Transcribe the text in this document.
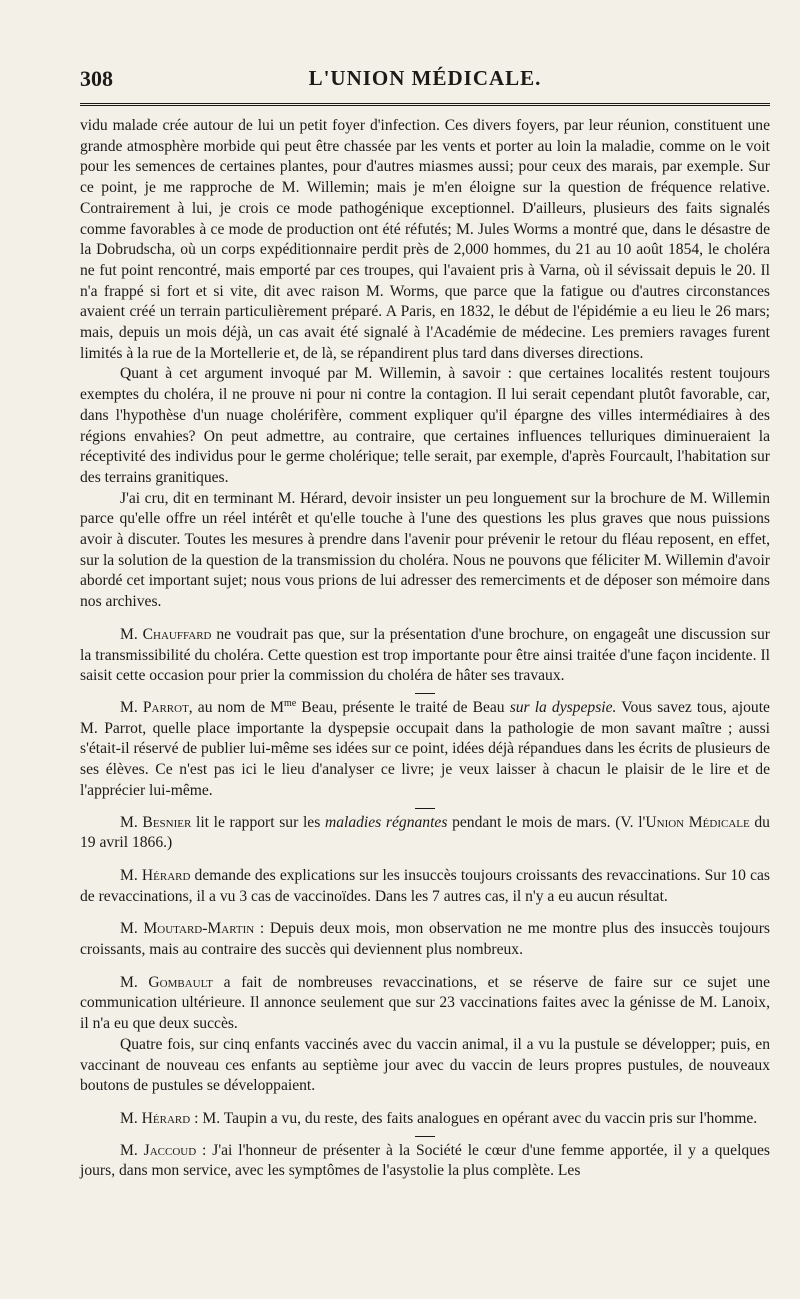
308	L'UNION MÉDICALE.

vidu malade crée autour de lui un petit foyer d'infection. Ces divers foyers, par leur réunion, constituent une grande atmosphère morbide qui peut être chassée par les vents et porter au loin la maladie, comme on le voit pour les semences de certaines plantes, pour d'autres miasmes aussi; pour ceux des marais, par exemple. Sur ce point, je me rapproche de M. Willemin; mais je m'en éloigne sur la question de fréquence relative. Contrairement à lui, je crois ce mode pathogénique exceptionnel. D'ailleurs, plusieurs des faits signalés comme favorables à ce mode de production ont été réfutés; M. Jules Worms a montré que, dans le désastre de la Dobrudscha, où un corps expéditionnaire perdit près de 2,000 hommes, du 21 au 10 août 1854, le choléra ne fut point rencontré, mais emporté par ces troupes, qui l'avaient pris à Varna, où il sévissait depuis le 20. Il n'a frappé si fort et si vite, dit avec raison M. Worms, que parce que la fatigue ou d'autres circonstances avaient créé un terrain particulièrement préparé. A Paris, en 1832, le début de l'épidémie a eu lieu le 26 mars; mais, depuis un mois déjà, un cas avait été signalé à l'Académie de médecine. Les premiers ravages furent limités à la rue de la Mortellerie et, de là, se répandirent plus tard dans diverses directions.

Quant à cet argument invoqué par M. Willemin, à savoir : que certaines localités restent toujours exemptes du choléra, il ne prouve ni pour ni contre la contagion. Il lui serait cependant plutôt favorable, car, dans l'hypothèse d'un nuage cholérifère, comment expliquer qu'il épargne des villes intermédiaires à des régions envahies? On peut admettre, au contraire, que certaines influences telluriques diminueraient la réceptivité des individus pour le germe cholérique; telle serait, par exemple, d'après Fourcault, l'habitation sur des terrains granitiques.

J'ai cru, dit en terminant M. Hérard, devoir insister un peu longuement sur la brochure de M. Willemin parce qu'elle offre un réel intérêt et qu'elle touche à l'une des questions les plus graves que nous puissions avoir à discuter. Toutes les mesures à prendre dans l'avenir pour prévenir le retour du fléau reposent, en effet, sur la solution de la question de la transmission du choléra. Nous ne pouvons que féliciter M. Willemin d'avoir abordé cet important sujet; nous vous prions de lui adresser des remerciments et de déposer son mémoire dans nos archives.

M. Chauffard ne voudrait pas que, sur la présentation d'une brochure, on engageât une discussion sur la transmissibilité du choléra. Cette question est trop importante pour être ainsi traitée d'une façon incidente. Il saisit cette occasion pour prier la commission du choléra de hâter ses travaux.

M. Parrot, au nom de $M^{me}$ Beau, présente le traité de Beau sur la dyspepsie. Vous savez tous, ajoute M. Parrot, quelle place importante la dyspepsie occupait dans la pathologie de mon savant maître ; aussi s'était-il réservé de publier lui-même ses idées sur ce point, idées déjà répandues dans les écrits de plusieurs de ses élèves. Ce n'est pas ici le lieu d'analyser ce livre; je veux laisser à chacun le plaisir de le lire et de l'apprécier lui-même.

M. Besnier lit le rapport sur les maladies régnantes pendant le mois de mars. (V. l'Union Médicale du 19 avril 1866.)

M. Hérard demande des explications sur les insuccès toujours croissants des revaccinations. Sur 10 cas de revaccinations, il a vu 3 cas de vaccinoïdes. Dans les 7 autres cas, il n'y a eu aucun résultat.

M. Moutard-Martin : Depuis deux mois, mon observation ne me montre plus des insuccès toujours croissants, mais au contraire des succès qui deviennent plus nombreux.

M. Gombault a fait de nombreuses revaccinations, et se réserve de faire sur ce sujet une communication ultérieure. Il annonce seulement que sur 23 vaccinations faites avec la génisse de M. Lanoix, il n'a eu que deux succès.

Quatre fois, sur cinq enfants vaccinés avec du vaccin animal, il a vu la pustule se développer; puis, en vaccinant de nouveau ces enfants au septième jour avec du vaccin de leurs propres pustules, de nouveaux boutons de pustules se développaient.

M. Hérard : M. Taupin a vu, du reste, des faits analogues en opérant avec du vaccin pris sur l'homme.

M. Jaccoud : J'ai l'honneur de présenter à la Société le cœur d'une femme apportée, il y a quelques jours, dans mon service, avec les symptômes de l'asystolie la plus complète. Les
